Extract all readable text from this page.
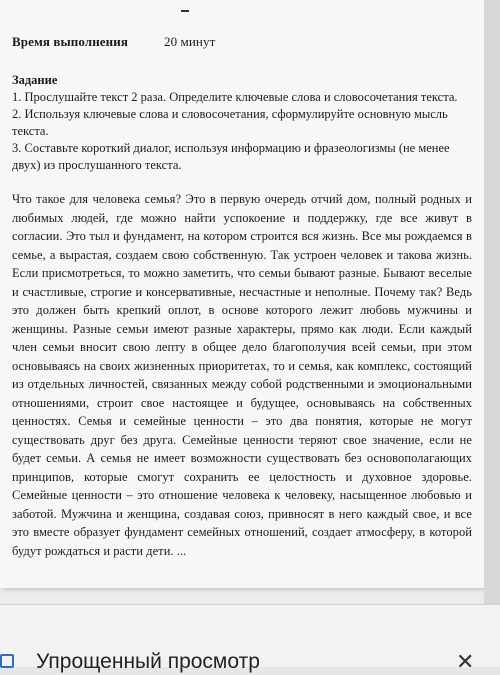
Время выполнения	20 минут
Задание
1. Прослушайте текст 2 раза. Определите ключевые слова и словосочетания текста.
2. Используя ключевые слова и словосочетания, сформулируйте основную мысль текста.
3. Составьте короткий диалог, используя информацию и фразеологизмы (не менее двух) из прослушанного текста.
Что такое для человека семья? Это в первую очередь отчий дом, полный родных и любимых людей, где можно найти успокоение и поддержку, где все живут в согласии. Это тыл и фундамент, на котором строится вся жизнь. Все мы рождаемся в семье, а вырастая, создаем свою собственную. Так устроен человек и такова жизнь. Если присмотреться, то можно заметить, что семьи бывают разные. Бывают веселые и счастливые, строгие и консервативные, несчастные и неполные. Почему так? Ведь это должен быть крепкий оплот, в основе которого лежит любовь мужчины и женщины. Разные семьи имеют разные характеры, прямо как люди. Если каждый член семьи вносит свою лепту в общее дело благополучия всей семьи, при этом основываясь на своих жизненных приоритетах, то и семья, как комплекс, состоящий из отдельных личностей, связанных между собой родственными и эмоциональными отношениями, строит свое настоящее и будущее, основываясь на собственных ценностях. Семья и семейные ценности – это два понятия, которые не могут существовать друг без друга. Семейные ценности теряют свое значение, если не будет семьи. А семья не имеет возможности существовать без основополагающих принципов, которые смогут сохранить ее целостность и духовное здоровье. Семейные ценности – это отношение человека к человеку, насыщенное любовью и заботой. Мужчина и женщина, создавая союз, привносят в него каждый свое, и все это вместе образует фундамент семейных отношений, создает атмосферу, в которой будут рождаться и расти дети. ...
Упрощенный просмотр	✕
